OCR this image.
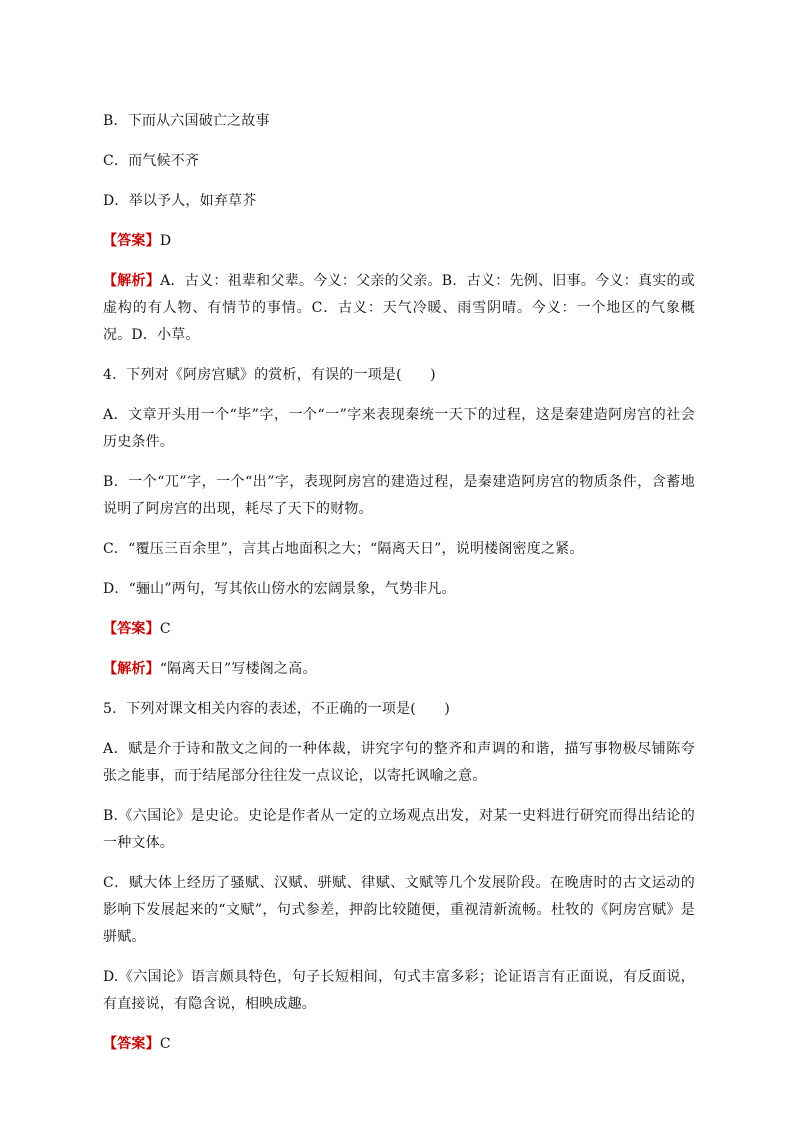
B．下而从六国破亡之故事

C．而气候不齐

D．举以予人，如弃草芥

【答案】D

【解析】A．古义：祖辈和父辈。今义：父亲的父亲。B．古义：先例、旧事。今义：真实的或虚构的有人物、有情节的事情。C．古义：天气冷暖、雨雪阴晴。今义：一个地区的气象概况。D．小草。

4．下列对《阿房宫赋》的赏析，有误的一项是(　　)

A．文章开头用一个“毕”字，一个“一”字来表现秦统一天下的过程，这是秦建造阿房宫的社会历史条件。

B．一个“兀”字，一个“出”字，表现阿房宫的建造过程，是秦建造阿房宫的物质条件，含蓄地说明了阿房宫的出现，耗尽了天下的财物。

C．“覆压三百余里”，言其占地面积之大；“隔离天日”，说明楼阁密度之紧。

D．“骊山”两句，写其依山傍水的宏阔景象，气势非凡。

【答案】C

【解析】“隔离天日”写楼阁之高。

5．下列对课文相关内容的表述，不正确的一项是(　　)

A．赋是介于诗和散文之间的一种体裁，讲究字句的整齐和声调的和谐，描写事物极尽铺陈夸张之能事，而于结尾部分往往发一点议论，以寄托讽喻之意。

B.《六国论》是史论。史论是作者从一定的立场观点出发，对某一史料进行研究而得出结论的一种文体。

C．赋大体上经历了骚赋、汉赋、骈赋、律赋、文赋等几个发展阶段。在晚唐时的古文运动的影响下发展起来的“文赋”，句式参差，押韵比较随便，重视清新流畅。杜牧的《阿房宫赋》是骈赋。

D.《六国论》语言颇具特色，句子长短相间，句式丰富多彩；论证语言有正面说，有反面说，有直接说，有隐含说，相映成趣。

【答案】C
